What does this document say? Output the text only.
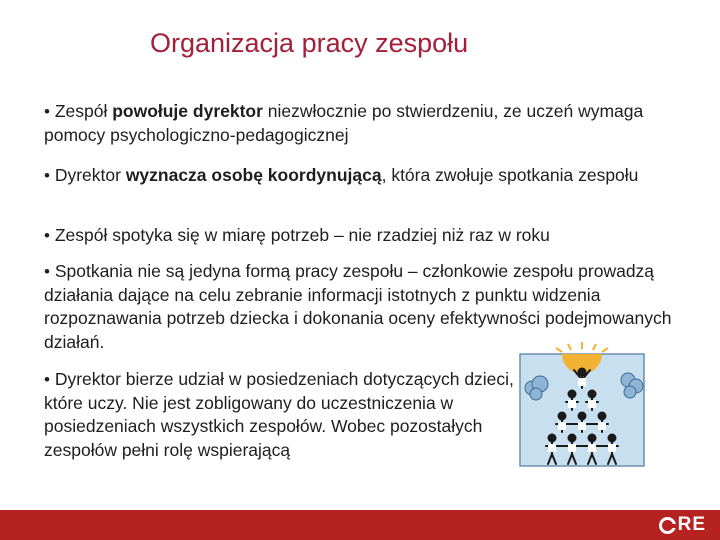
Organizacja pracy zespołu

• Zespół powołuje dyrektor niezwłocznie po stwierdzeniu, ze uczeń wymaga pomocy psychologiczno-pedagogicznej

• Dyrektor wyznacza osobę koordynującą, która zwołuje spotkania zespołu

• Zespół spotyka się w miarę potrzeb – nie rzadziej niż raz w roku

• Spotkania nie są jedyna formą pracy zespołu – członkowie zespołu prowadzą działania dające na celu zebranie informacji istotnych z punktu widzenia rozpoznawania potrzeb dziecka i dokonania oceny efektywności podejmowanych działań.

• Dyrektor bierze udział w posiedzeniach dotyczących dzieci, które uczy. Nie jest zobligowany do uczestniczenia w posiedzeniach wszystkich zespołów. Wobec pozostałych zespołów pełni rolę wspierającą

RE
